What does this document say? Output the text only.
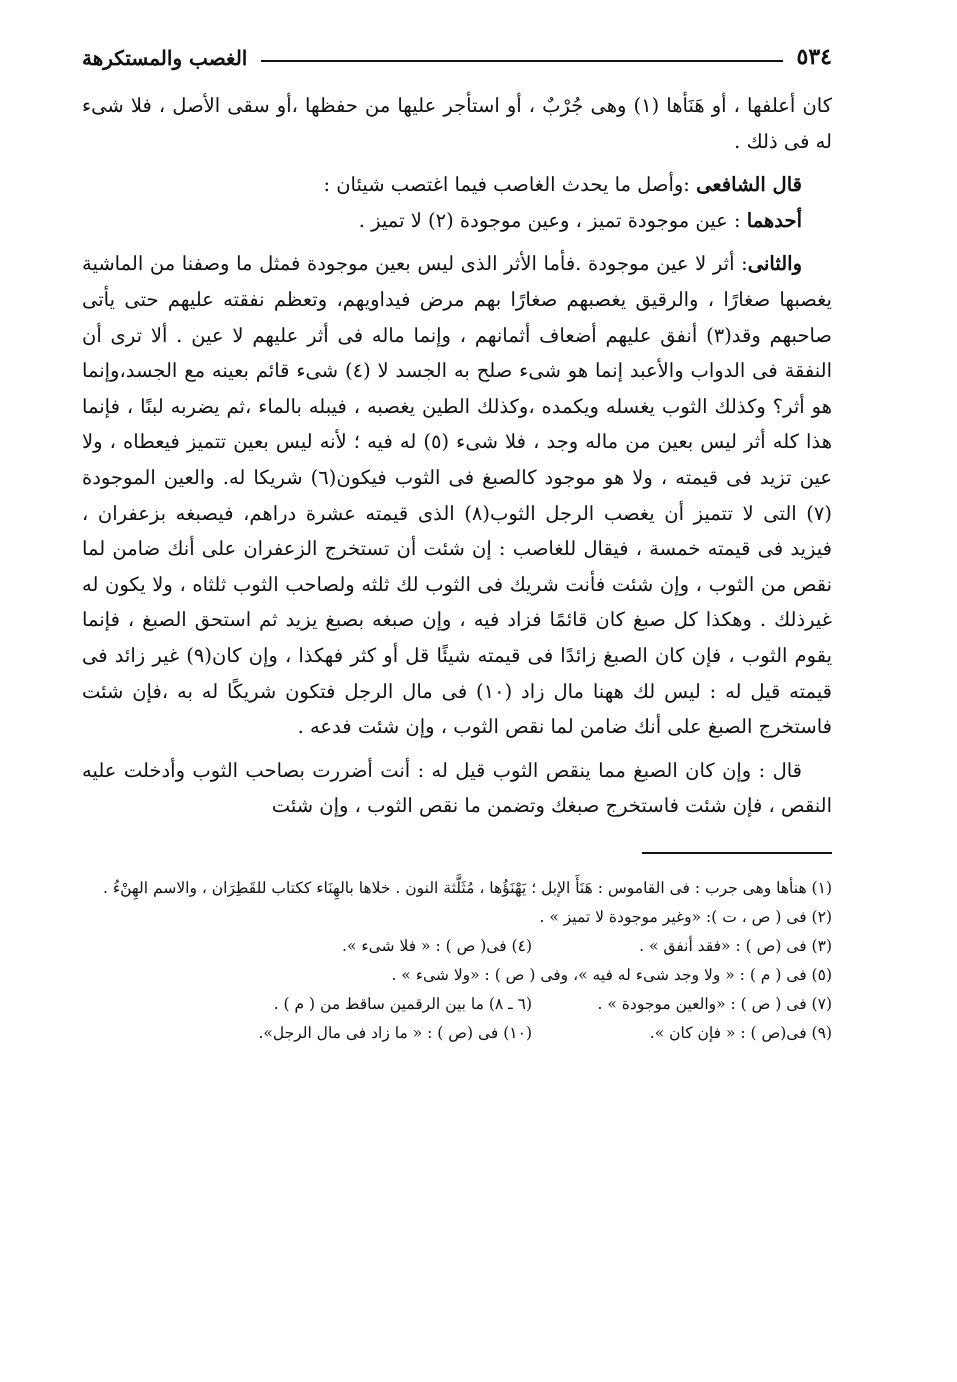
٥٣٤
الغصب والمستكرهة

كان أعلفها ، أو هَنَأها (١) وهى جُرْبٌ ، أو استأجر عليها من حفظها ،أو سقى الأصل ، فلا شىء له فى ذلك .

قال الشافعى :وأصل ما يحدث الغاصب فيما اغتصب شيئان :

أحدهما : عين موجودة تميز ، وعين موجودة (٢) لا تميز .

والثانى: أثر لا عين موجودة .فأما الأثر الذى ليس بعين موجودة فمثل ما وصفنا من الماشية يغصبها صغارًا ، والرقيق يغصبهم صغارًا بهم مرض فيداويهم، وتعظم نفقته عليهم حتى يأتى صاحبهم وقد(٣) أنفق عليهم أضعاف أثمانهم ، وإنما ماله فى أثر عليهم لا عين . ألا ترى أن النفقة فى الدواب والأعبد إنما هو شىء صلح به الجسد لا (٤) شىء قائم بعينه مع الجسد،وإنما هو أثر؟ وكذلك الثوب يغسله ويكمده ،وكذلك الطين يغصبه ، فيبله بالماء ،ثم يضربه لبنًا ، فإنما هذا كله أثر ليس بعين من ماله وجد ، فلا شىء (٥) له فيه ؛ لأنه ليس بعين تتميز فيعطاه ، ولا عين تزيد فى قيمته ، ولا هو موجود كالصبغ فى الثوب فيكون(٦) شريكا له. والعين الموجودة (٧) التى لا تتميز أن يغصب الرجل الثوب(٨) الذى قيمته عشرة دراهم، فيصبغه بزعفران ، فيزيد فى قيمته خمسة ، فيقال للغاصب : إن شئت أن تستخرج الزعفران على أنك ضامن لما نقص من الثوب ، وإن شئت فأنت شريك فى الثوب لك ثلثه ولصاحب الثوب ثلثاه ، ولا يكون له غيرذلك . وهكذا كل صبغ كان قائمًا فزاد فيه ، وإن صبغه بصبغ يزيد ثم استحق الصبغ ، فإنما يقوم الثوب ، فإن كان الصبغ زائدًا فى قيمته شيئًا قل أو كثر فهكذا ، وإن كان(٩) غير زائد فى قيمته قيل له : ليس لك ههنا مال زاد (١٠) فى مال الرجل فتكون شريكًا له به ،فإن شئت فاستخرج الصبغ على أنك ضامن لما نقص الثوب ، وإن شئت فدعه .

قال : وإن كان الصبغ مما ينقص الثوب قيل له : أنت أضررت بصاحب الثوب وأدخلت عليه النقص ، فإن شئت فاستخرج صبغك وتضمن ما نقص الثوب ، وإن شئت

(١) هنأها وهى جرب : فى القاموس : هَنَأَ الإبل ؛ يَهْنَؤُها ، مُثَلَّثة النون . خلاها بالهِنَاء ككتاب للقَطِرَان ، والاسم الهِنْءُ .

(٢) فى ( ص ، ت ): «وغير موجودة لا تميز » .

(٣) فى (ص ) : «فقد أنفق » .
(٤) فى( ص ) : « فلا شىء ».

(٥) فى ( م ) : « ولا وجد شىء له فيه »، وفى ( ص ) : «ولا شىء » .

(٧) فى ( ص ) : «والعين موجودة » .
(٦ ـ ٨) ما بين الرقمين ساقط من ( م ) .
(٩) فى(ص ) : « فإن كان ».
(١٠) فى (ص ) : « ما زاد فى مال الرجل».
